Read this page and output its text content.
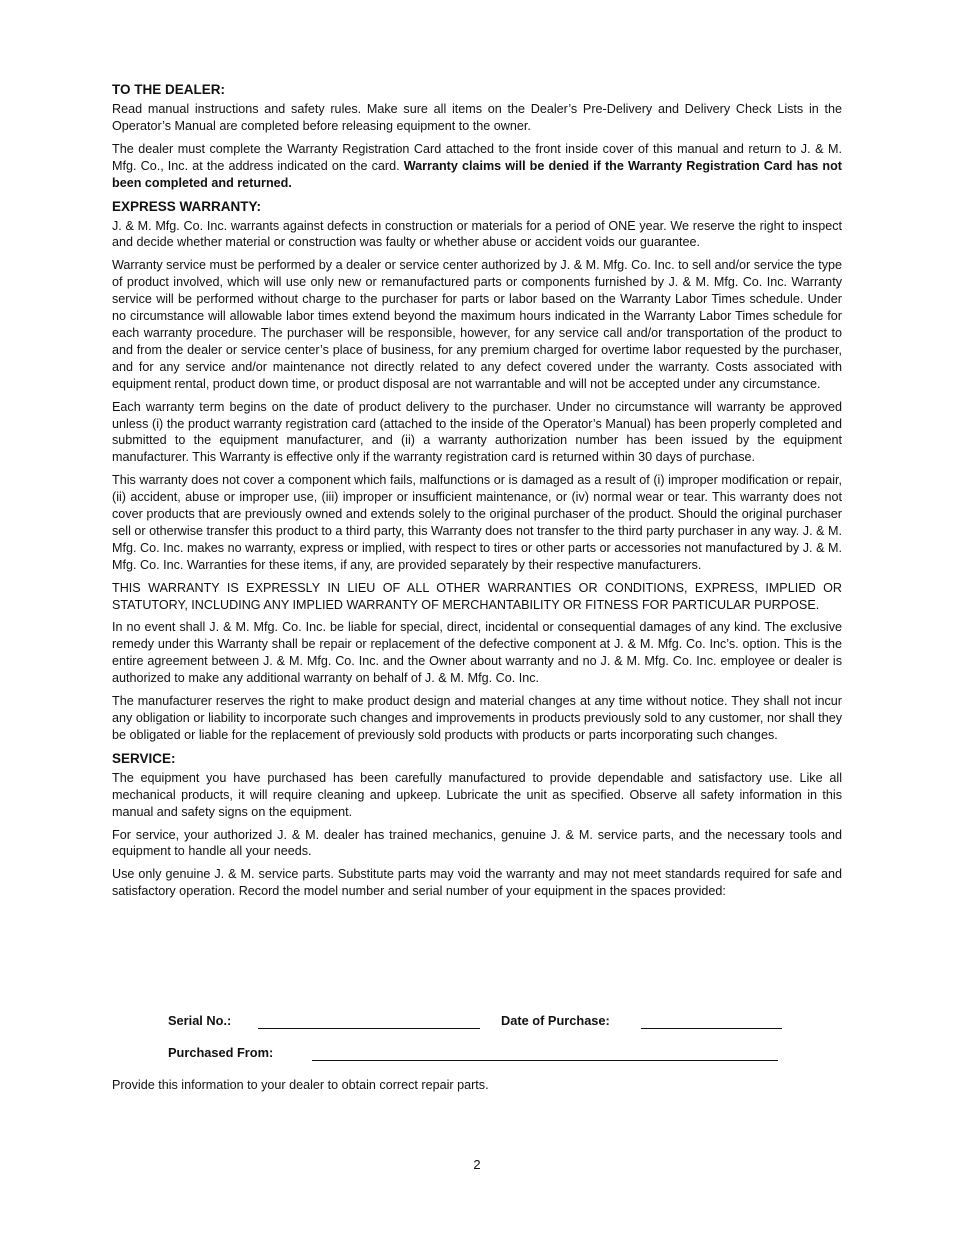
TO THE DEALER:

Read manual instructions and safety rules. Make sure all items on the Dealer’s Pre-Delivery and Delivery Check Lists in the Operator’s Manual are completed before releasing equipment to the owner.

The dealer must complete the Warranty Registration Card attached to the front inside cover of this manual and return to J. & M. Mfg. Co., Inc. at the address indicated on the card. Warranty claims will be denied if the Warranty Registration Card has not been completed and returned.

EXPRESS WARRANTY:

J. & M. Mfg. Co. Inc. warrants against defects in construction or materials for a period of ONE year. We reserve the right to inspect and decide whether material or construction was faulty or whether abuse or accident voids our guarantee.

Warranty service must be performed by a dealer or service center authorized by J. & M. Mfg. Co. Inc. to sell and/or service the type of product involved, which will use only new or remanufactured parts or components furnished by J. & M. Mfg. Co. Inc. Warranty service will be performed without charge to the purchaser for parts or labor based on the Warranty Labor Times schedule. Under no circumstance will allowable labor times extend beyond the maximum hours indicated in the Warranty Labor Times schedule for each warranty procedure. The purchaser will be responsible, however, for any service call and/or transportation of the product to and from the dealer or service center’s place of business, for any premium charged for overtime labor requested by the purchaser, and for any service and/or maintenance not directly related to any defect covered under the warranty. Costs associated with equipment rental, product down time, or product disposal are not warrantable and will not be accepted under any circumstance.

Each warranty term begins on the date of product delivery to the purchaser. Under no circumstance will warranty be approved unless (i) the product warranty registration card (attached to the inside of the Operator’s Manual) has been properly completed and submitted to the equipment manufacturer, and (ii) a warranty authorization number has been issued by the equipment manufacturer. This Warranty is effective only if the warranty registration card is returned within 30 days of purchase.

This warranty does not cover a component which fails, malfunctions or is damaged as a result of (i) improper modification or repair, (ii) accident, abuse or improper use, (iii) improper or insufficient maintenance, or (iv) normal wear or tear. This warranty does not cover products that are previously owned and extends solely to the original purchaser of the product. Should the original purchaser sell or otherwise transfer this product to a third party, this Warranty does not transfer to the third party purchaser in any way. J. & M. Mfg. Co. Inc. makes no warranty, express or implied, with respect to tires or other parts or accessories not manufactured by J. & M. Mfg. Co. Inc. Warranties for these items, if any, are provided separately by their respective manufacturers.

THIS WARRANTY IS EXPRESSLY IN LIEU OF ALL OTHER WARRANTIES OR CONDITIONS, EXPRESS, IMPLIED OR STATUTORY, INCLUDING ANY IMPLIED WARRANTY OF MERCHANTABILITY OR FITNESS FOR PARTICULAR PURPOSE.

In no event shall J. & M. Mfg. Co. Inc. be liable for special, direct, incidental or consequential damages of any kind. The exclusive remedy under this Warranty shall be repair or replacement of the defective component at J. & M. Mfg. Co. Inc’s. option. This is the entire agreement between J. & M. Mfg. Co. Inc. and the Owner about warranty and no J. & M. Mfg. Co. Inc. employee or dealer is authorized to make any additional warranty on behalf of J. & M. Mfg. Co. Inc.

The manufacturer reserves the right to make product design and material changes at any time without notice. They shall not incur any obligation or liability to incorporate such changes and improvements in products previously sold to any customer, nor shall they be obligated or liable for the replacement of previously sold products with products or parts incorporating such changes.

SERVICE:

The equipment you have purchased has been carefully manufactured to provide dependable and satisfactory use. Like all mechanical products, it will require cleaning and upkeep. Lubricate the unit as specified. Observe all safety information in this manual and safety signs on the equipment.

For service, your authorized J. & M. dealer has trained mechanics, genuine J. & M. service parts, and the necessary tools and equipment to handle all your needs.

Use only genuine J. & M. service parts. Substitute parts may void the warranty and may not meet standards required for safe and satisfactory operation. Record the model number and serial number of your equipment in the spaces provided:

Serial No.:	Date of Purchase:
Purchased From:

Provide this information to your dealer to obtain correct repair parts.

2
